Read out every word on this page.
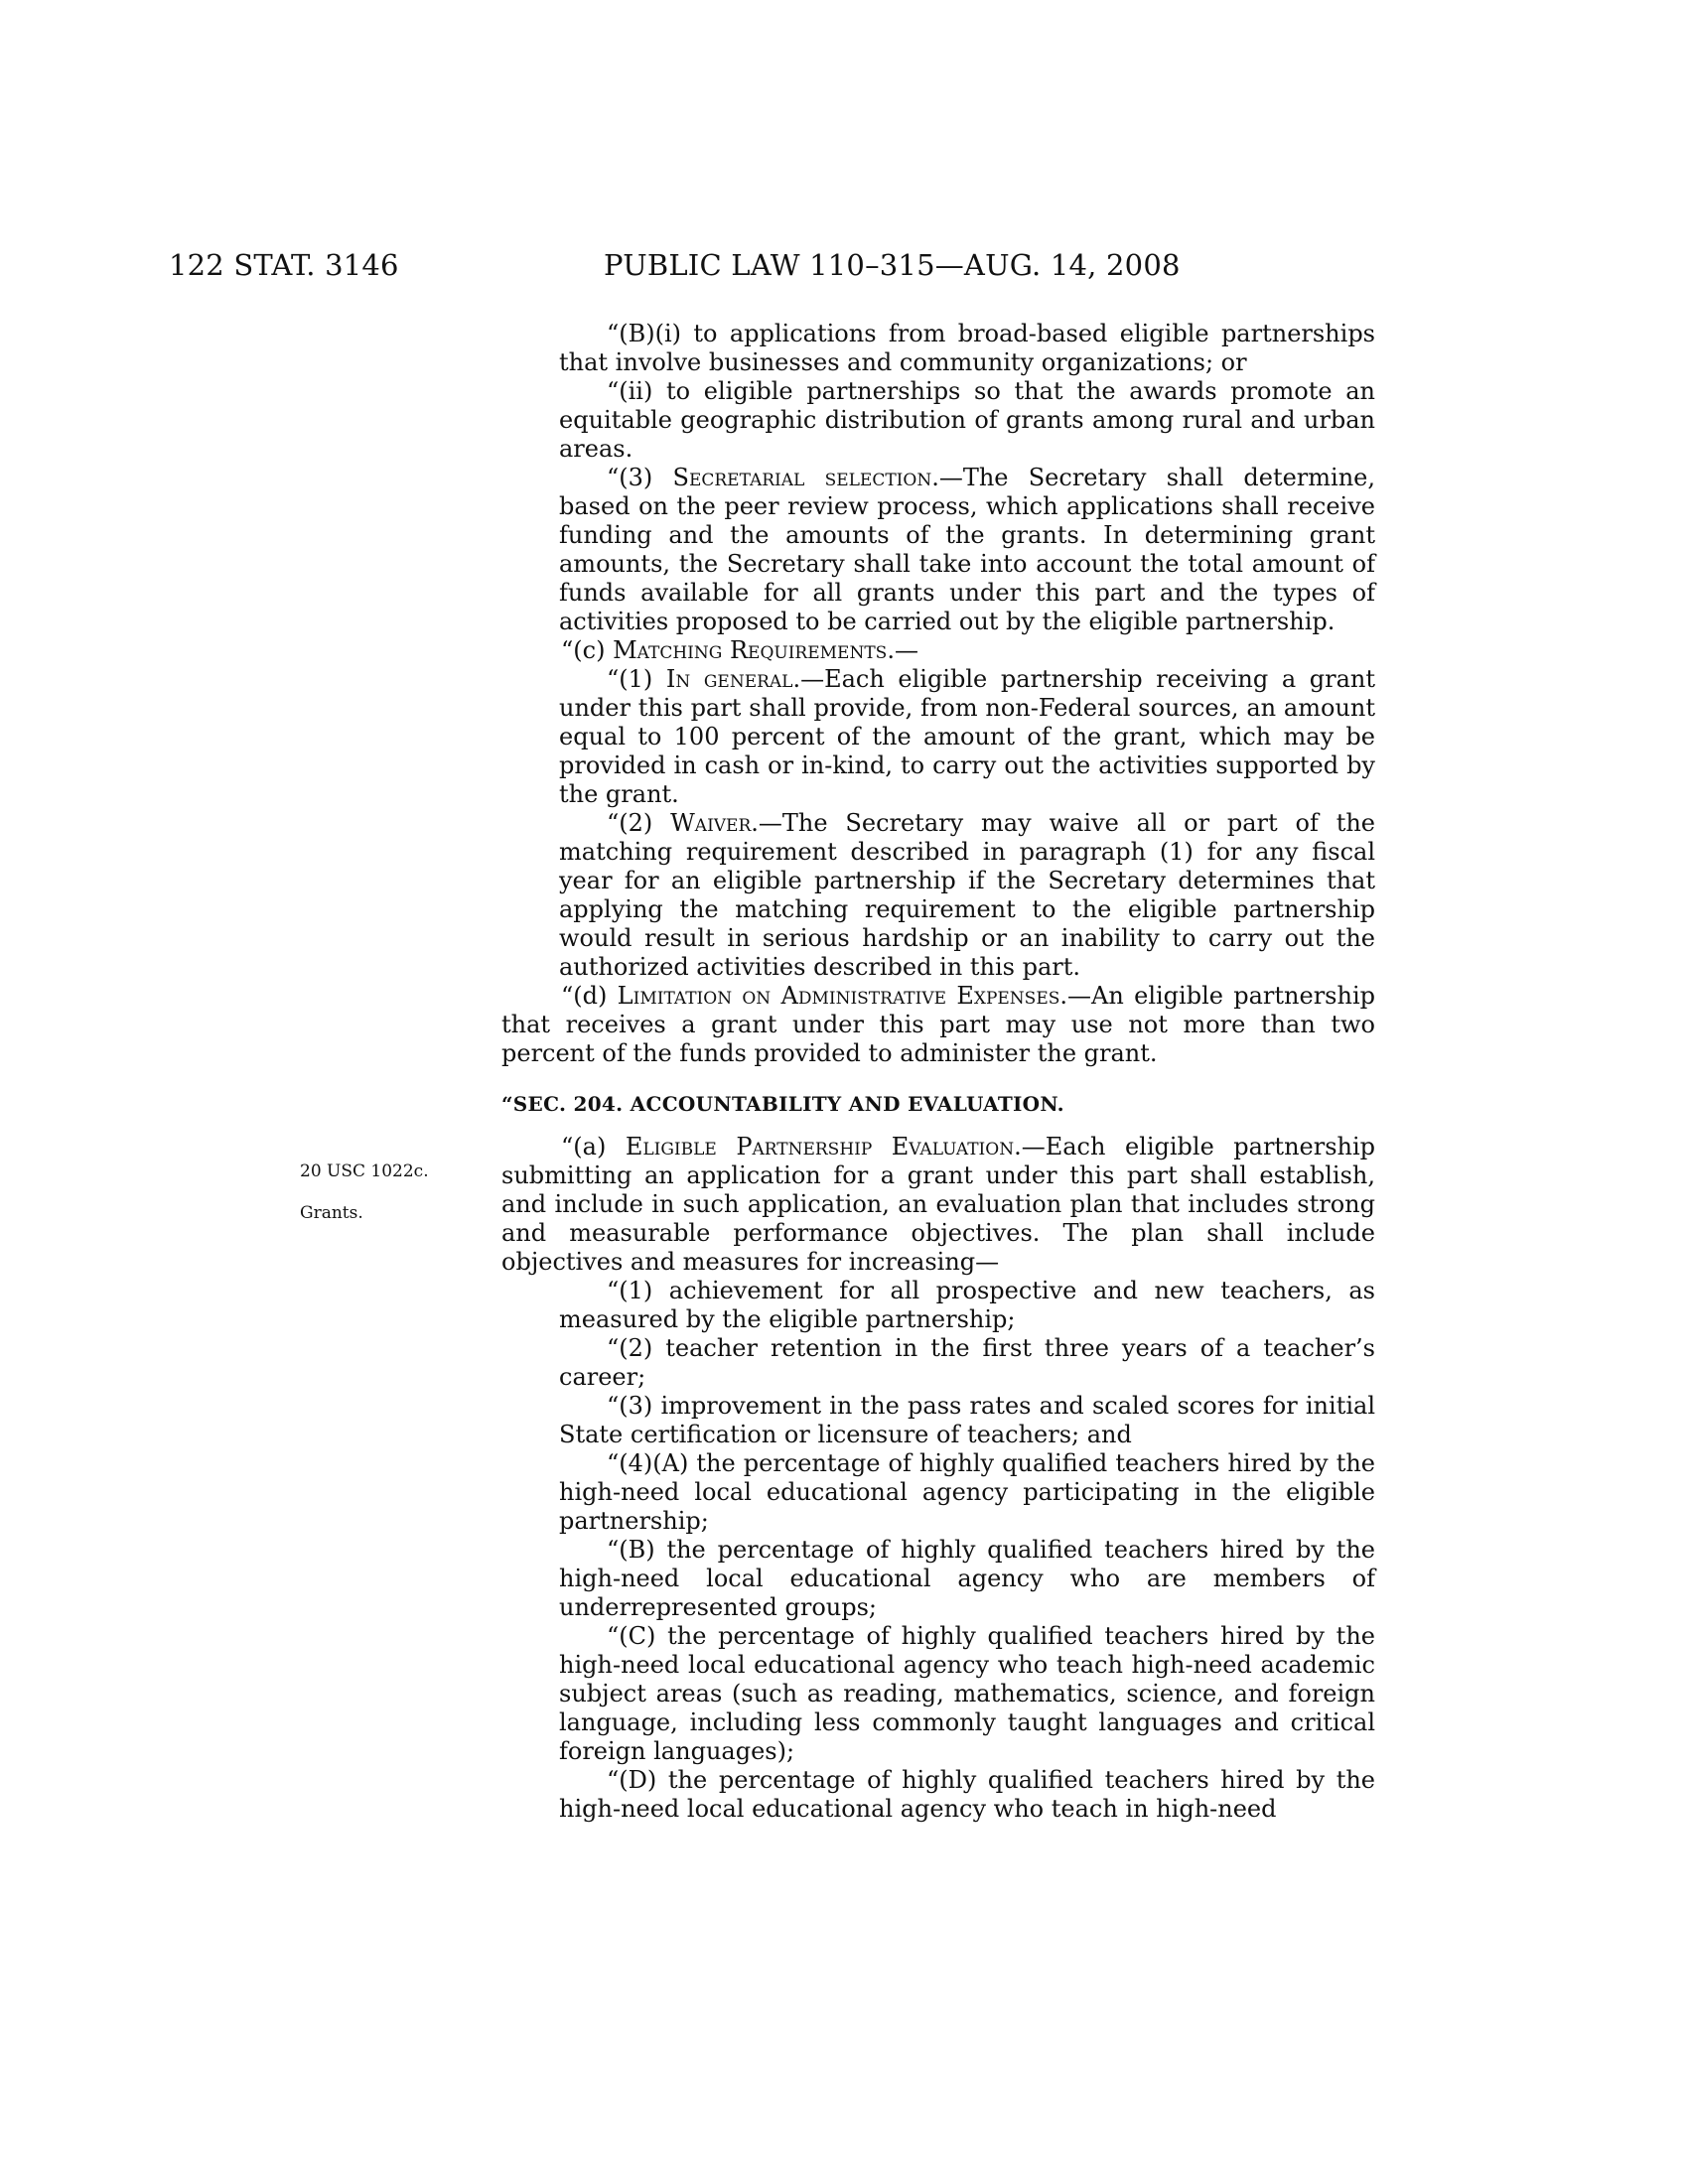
122 STAT. 3146	PUBLIC LAW 110–315—AUG. 14, 2008
20 USC 1022c.
Grants.

“(B)(i) to applications from broad-based eligible partnerships that involve businesses and community organizations; or

“(ii) to eligible partnerships so that the awards promote an equitable geographic distribution of grants among rural and urban areas.

“(3) Secretarial selection.—The Secretary shall determine, based on the peer review process, which applications shall receive funding and the amounts of the grants. In determining grant amounts, the Secretary shall take into account the total amount of funds available for all grants under this part and the types of activities proposed to be carried out by the eligible partnership.

“(c) Matching Requirements.—

“(1) In general.—Each eligible partnership receiving a grant under this part shall provide, from non-Federal sources, an amount equal to 100 percent of the amount of the grant, which may be provided in cash or in-kind, to carry out the activities supported by the grant.

“(2) Waiver.—The Secretary may waive all or part of the matching requirement described in paragraph (1) for any fiscal year for an eligible partnership if the Secretary determines that applying the matching requirement to the eligible partnership would result in serious hardship or an inability to carry out the authorized activities described in this part.

“(d) Limitation on Administrative Expenses.—An eligible partnership that receives a grant under this part may use not more than two percent of the funds provided to administer the grant.

“SEC. 204. ACCOUNTABILITY AND EVALUATION.

“(a) Eligible Partnership Evaluation.—Each eligible partnership submitting an application for a grant under this part shall establish, and include in such application, an evaluation plan that includes strong and measurable performance objectives. The plan shall include objectives and measures for increasing—

“(1) achievement for all prospective and new teachers, as measured by the eligible partnership;

“(2) teacher retention in the first three years of a teacher’s career;

“(3) improvement in the pass rates and scaled scores for initial State certification or licensure of teachers; and

“(4)(A) the percentage of highly qualified teachers hired by the high-need local educational agency participating in the eligible partnership;

“(B) the percentage of highly qualified teachers hired by the high-need local educational agency who are members of underrepresented groups;

“(C) the percentage of highly qualified teachers hired by the high-need local educational agency who teach high-need academic subject areas (such as reading, mathematics, science, and foreign language, including less commonly taught languages and critical foreign languages);

“(D) the percentage of highly qualified teachers hired by the high-need local educational agency who teach in high-need
